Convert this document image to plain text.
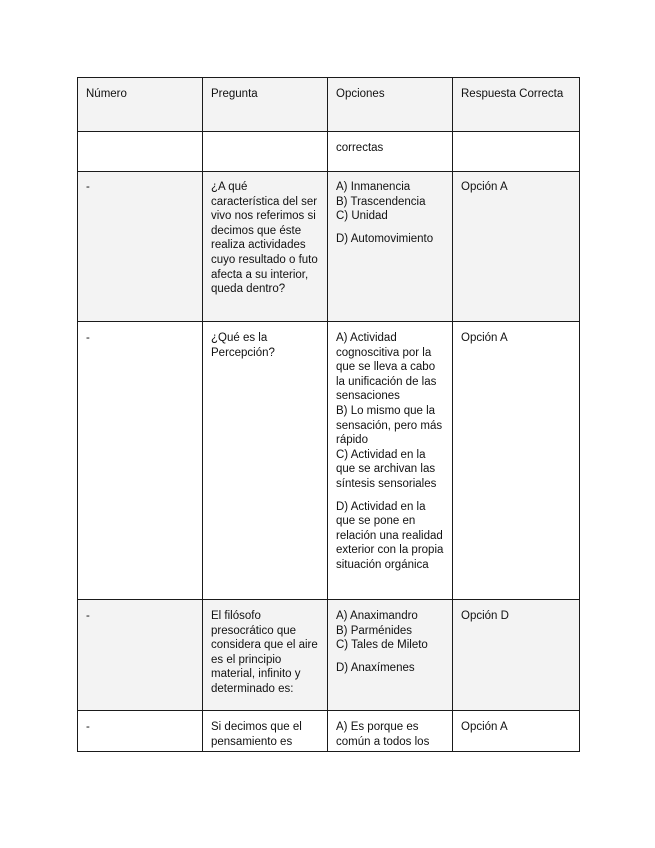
Número	Pregunta	Opciones	Respuesta Correcta

		correctas	

-	¿A qué característica del ser vivo nos referimos si decimos que éste realiza actividades cuyo resultado o futo afecta a su interior, queda dentro?	A) Inmanencia
B) Trascendencia
C) Unidad
D) Automovimiento	Opción A
-	¿Qué es la Percepción?	A) Actividad cognoscitiva por la que se lleva a cabo la unificación de las sensaciones
B) Lo mismo que la sensación, pero más rápido
C) Actividad en la que se archivan las síntesis sensoriales
D) Actividad en la que se pone en relación una realidad exterior con la propia situación orgánica	Opción A
-	El filósofo presocrático que considera que el aire es el principio material, infinito y determinado es:	A) Anaximandro
B) Parménides
C) Tales de Mileto
D) Anaxímenes	Opción D
-	Si decimos que el pensamiento es	A) Es porque es común a todos los	Opción A
